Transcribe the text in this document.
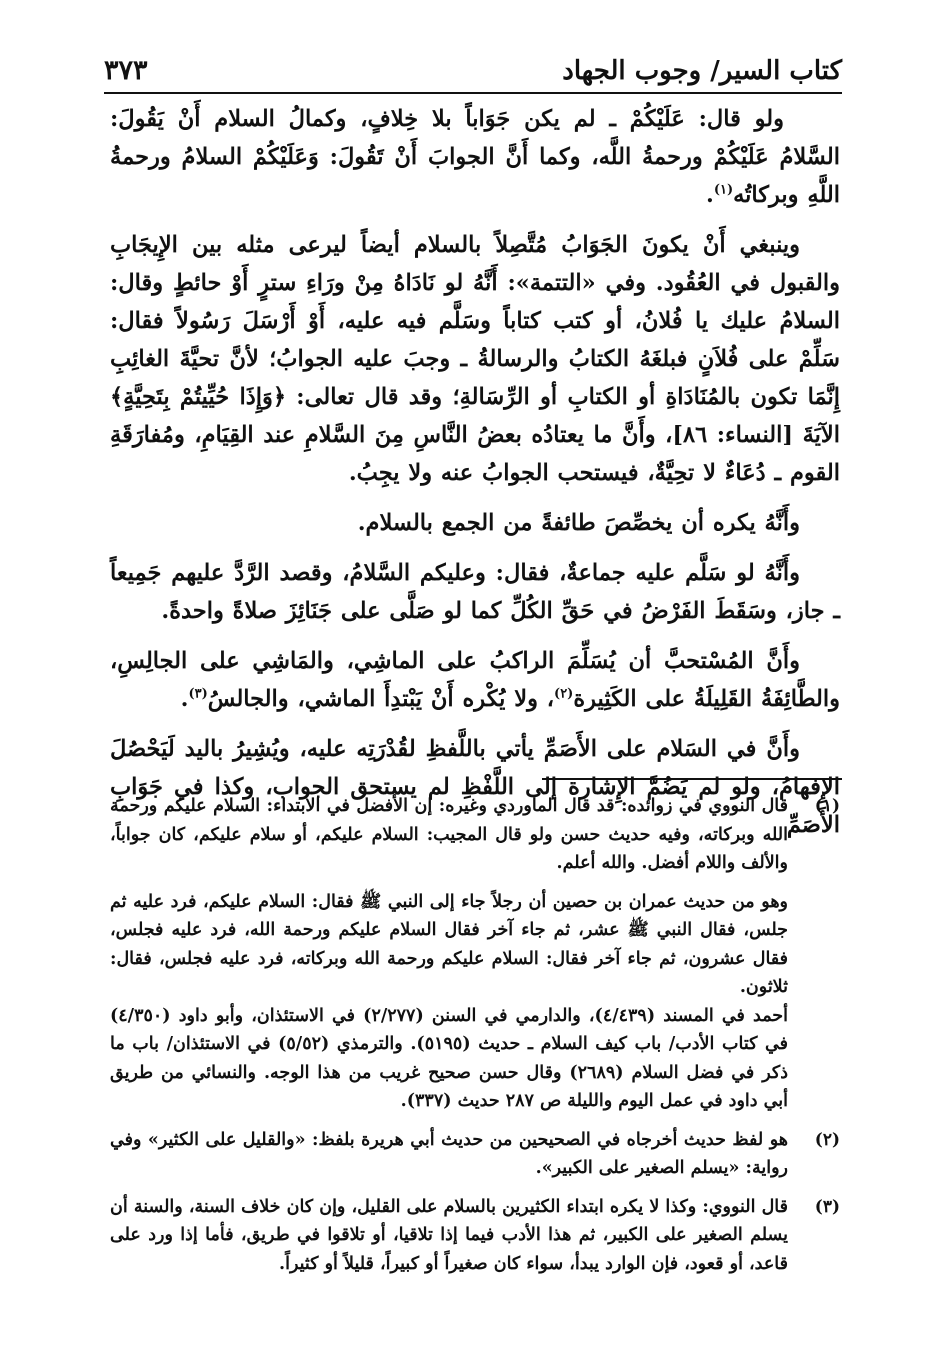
كتاب السير/ وجوب الجهاد
٣٧٣

ولو قال: عَلَيْكُمْ ـ لم يكن جَوَاباً بلا خِلافٍ، وكمالُ السلام أَنْ يَقُولَ: السَّلامُ عَلَيْكُمْ ورحمةُ اللَّه، وكما أَنَّ الجوابَ أَنْ تَقُولَ: وَعَلَيْكُمْ السلامُ ورحمةُ اللَّهِ وبركاتُه$^{(١)}$.

وينبغي أَنْ يكونَ الجَوَابُ مُتَّصِلاً بالسلام أيضاً ليرعى مثله بين الإِيجَابِ والقبول في العُقُود. وفي «التتمة»: أَنَّهُ لو نَادَاهُ مِنْ ورَاءِ سترٍ أَوْ حائطٍ وقال: السلامُ عليك يا فُلانُ، أو كتب كتاباً وسَلَّم فيه عليه، أَوْ أَرْسَلَ رَسُولاً فقال: سَلِّمْ على فُلاَنٍ فبلغَهُ الكتابُ والرسالةُ ـ وجبَ عليه الجوابُ؛ لأنَّ تحيَّةَ الغائِبِ إِنَّمَا تكون بالمُنَادَاةِ أو الكتابِ أو الرِّسَالةِ؛ وقد قال تعالى: ﴿وَإِذَا حُيِّيتُمْ بِتَحِيَّةٍ﴾ الآيَةَ [النساء: ٨٦]، وأَنَّ ما يعتادُه بعضُ النَّاسِ مِنَ السَّلامِ عند القِيَامِ، ومُفارَقَةِ القوم ـ دُعَاءٌ لا تحِيَّةٌ، فيستحب الجوابُ عنه ولا يجِبُ.

وأَنَّهُ يكره أن يخصِّصَ طائفةً من الجمع بالسلام.

وأَنَّهُ لو سَلَّم عليه جماعةٌ، فقال: وعليكم السَّلامُ، وقصد الرَّدَّ عليهم جَمِيعاً ـ جاز، وسَقَطَ الفَرْضُ في حَقِّ الكُلِّ كما لو صَلَّى على جَنَائِزَ صلاةً واحدةً.

وأَنَّ المُسْتحبَّ أن يُسَلِّمَ الراكبُ على الماشِي، والمَاشِي على الجالِسِ، والطَّائِفَةُ القَلِيلَةُ على الكَثِيرة$^{(٢)}$، ولا يُكْره أَنْ يَبْتدِأَ الماشي، والجالسُ$^{(٣)}$.

وأَنَّ في السَلام على الأَصَمِّ يأتي باللَّفظِ لقُدْرَتِه عليه، ويُشِيرُ باليد لَيَحْصُلَ الإِفهامُ، ولو لم يَضُمَّ الإِشارة إلى اللَّفْظِ لم يستحق الجواب، وكذا في جَوَابِ الأَصَمِّ

(١)

قال النووي في زوائده: قد قال الماوردي وغيره: إن الأفضل في الابتداء: السلام عليكم ورحمة الله وبركاته، وفيه حديث حسن ولو قال المجيب: السلام عليكم، أو سلام عليكم، كان جواباً، والألف واللام أفضل. والله أعلم.

وهو من حديث عمران بن حصين أن رجلاً جاء إلى النبي ﷺ فقال: السلام عليكم، فرد عليه ثم جلس، فقال النبي ﷺ عشر، ثم جاء آخر فقال السلام عليكم ورحمة الله، فرد عليه فجلس، فقال عشرون، ثم جاء آخر فقال: السلام عليكم ورحمة الله وبركاته، فرد عليه فجلس، فقال: ثلاثون.

أحمد في المسند (٤/٤٣٩)، والدارمي في السنن (٢/٢٧٧) في الاستئذان، وأبو داود (٤/٣٥٠) في كتاب الأدب/ باب كيف السلام ـ حديث (٥١٩٥). والترمذي (٥/٥٢) في الاستئذان/ باب ما ذكر في فضل السلام (٢٦٨٩) وقال حسن صحيح غريب من هذا الوجه. والنسائي من طريق أبي داود في عمل اليوم والليلة ص ٢٨٧ حديث (٣٣٧).

(٢)

هو لفظ حديث أخرجاه في الصحيحين من حديث أبي هريرة بلفظ: «والقليل على الكثير» وفي رواية: «يسلم الصغير على الكبير».

(٣)

قال النووي: وكذا لا يكره ابتداء الكثيرين بالسلام على القليل، وإن كان خلاف السنة، والسنة أن يسلم الصغير على الكبير، ثم هذا الأدب فيما إذا تلاقيا، أو تلاقوا في طريق، فأما إذا ورد على قاعد، أو قعود، فإن الوارد يبدأ، سواء كان صغيراً أو كبيراً، قليلاً أو كثيراً.
